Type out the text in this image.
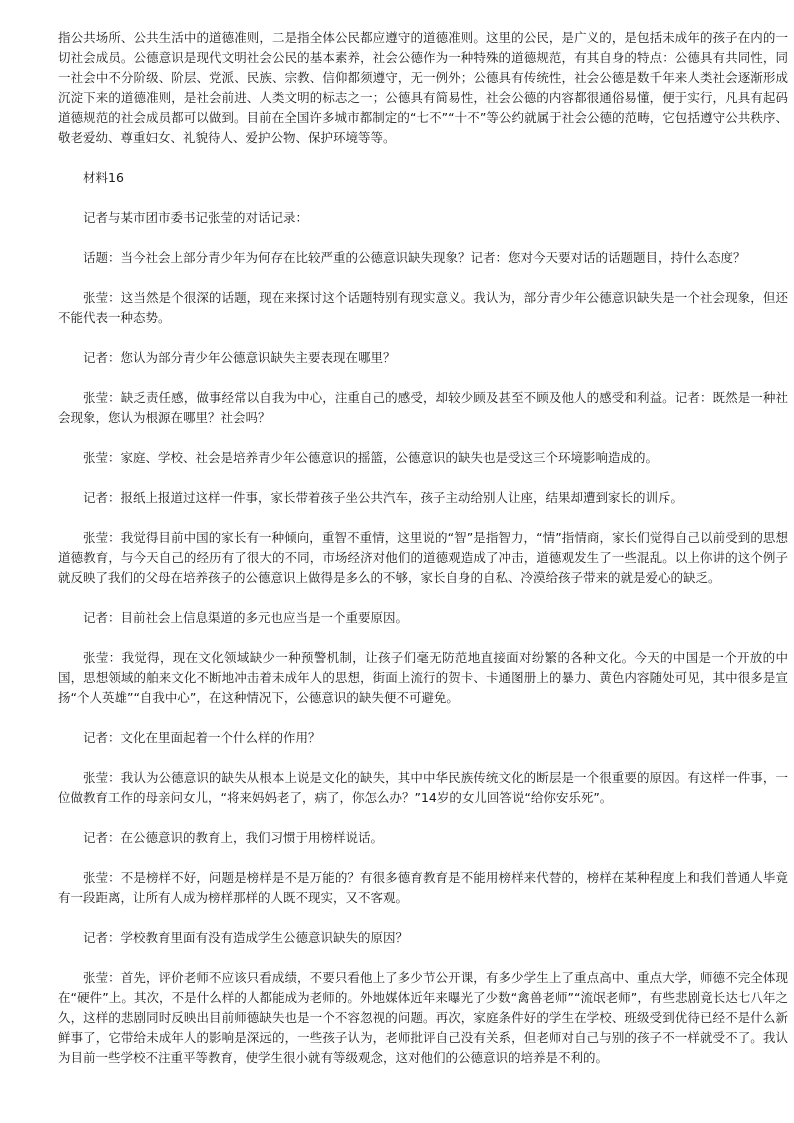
指公共场所、公共生活中的道德准则，二是指全体公民都应遵守的道德准则。这里的公民，是广义的，是包括未成年的孩子在内的一切社会成员。公德意识是现代文明社会公民的基本素养，社会公德作为一种特殊的道德规范，有其自身的特点：公德具有共同性，同一社会中不分阶级、阶层、党派、民族、宗教、信仰都须遵守，无一例外；公德具有传统性，社会公德是数千年来人类社会逐渐形成沉淀下来的道德准则，是社会前进、人类文明的标志之一；公德具有简易性，社会公德的内容都很通俗易懂，便于实行，凡具有起码道德规范的社会成员都可以做到。目前在全国许多城市都制定的“七不”“十不”等公约就属于社会公德的范畴，它包括遵守公共秩序、敬老爱幼、尊重妇女、礼貌待人、爱护公物、保护环境等等。

材料16

记者与某市团市委书记张莹的对话记录：

话题：当今社会上部分青少年为何存在比较严重的公德意识缺失现象？记者：您对今天要对话的话题题目，持什么态度？

张莹：这当然是个很深的话题，现在来探讨这个话题特别有现实意义。我认为，部分青少年公德意识缺失是一个社会现象，但还不能代表一种态势。

记者：您认为部分青少年公德意识缺失主要表现在哪里？

张莹：缺乏责任感，做事经常以自我为中心，注重自己的感受，却较少顾及甚至不顾及他人的感受和利益。记者：既然是一种社会现象，您认为根源在哪里？社会吗？

张莹：家庭、学校、社会是培养青少年公德意识的摇篮，公德意识的缺失也是受这三个环境影响造成的。

记者：报纸上报道过这样一件事，家长带着孩子坐公共汽车，孩子主动给别人让座，结果却遭到家长的训斥。

张莹：我觉得目前中国的家长有一种倾向，重智不重情，这里说的“智”是指智力，“情”指情商，家长们觉得自己以前受到的思想道德教育，与今天自己的经历有了很大的不同，市场经济对他们的道德观造成了冲击，道德观发生了一些混乱。以上你讲的这个例子就反映了我们的父母在培养孩子的公德意识上做得是多么的不够，家长自身的自私、冷漠给孩子带来的就是爱心的缺乏。

记者：目前社会上信息渠道的多元也应当是一个重要原因。

张莹：我觉得，现在文化领域缺少一种预警机制，让孩子们毫无防范地直接面对纷繁的各种文化。今天的中国是一个开放的中国，思想领域的舶来文化不断地冲击着未成年人的思想，街面上流行的贺卡、卡通图册上的暴力、黄色内容随处可见，其中很多是宣扬“个人英雄”“自我中心”，在这种情况下，公德意识的缺失便不可避免。

记者：文化在里面起着一个什么样的作用？

张莹：我认为公德意识的缺失从根本上说是文化的缺失，其中中华民族传统文化的断层是一个很重要的原因。有这样一件事，一位做教育工作的母亲问女儿，“将来妈妈老了，病了，你怎么办？”14岁的女儿回答说“给你安乐死”。

记者：在公德意识的教育上，我们习惯于用榜样说话。

张莹：不是榜样不好，问题是榜样是不是万能的？有很多德育教育是不能用榜样来代替的，榜样在某种程度上和我们普通人毕竟有一段距离，让所有人成为榜样那样的人既不现实，又不客观。

记者：学校教育里面有没有造成学生公德意识缺失的原因？

张莹：首先，评价老师不应该只看成绩，不要只看他上了多少节公开课，有多少学生上了重点高中、重点大学，师德不完全体现在“硬件”上。其次，不是什么样的人都能成为老师的。外地媒体近年来曝光了少数“禽兽老师”“流氓老师”，有些悲剧竟长达七八年之久，这样的悲剧同时反映出目前师德缺失也是一个不容忽视的问题。再次，家庭条件好的学生在学校、班级受到优待已经不是什么新鲜事了，它带给未成年人的影响是深远的，一些孩子认为，老师批评自己没有关系，但老师对自己与别的孩子不一样就受不了。我认为目前一些学校不注重平等教育，使学生很小就有等级观念，这对他们的公德意识的培养是不利的。
